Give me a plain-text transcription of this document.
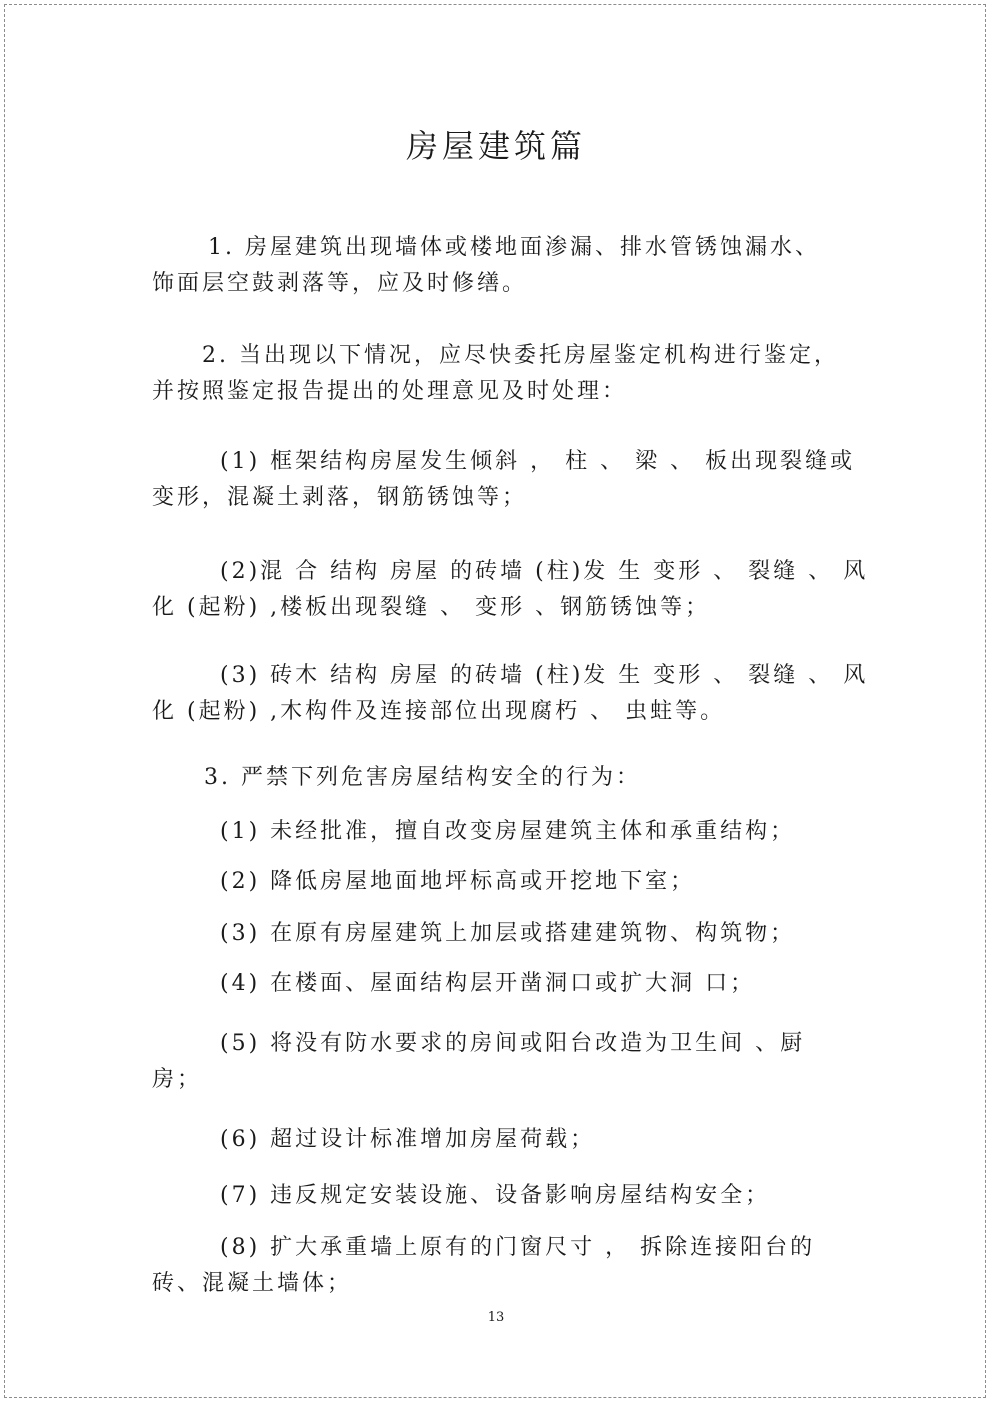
房屋建筑篇
1. 房屋建筑出现墙体或楼地面渗漏、排水管锈蚀漏水、
饰面层空鼓剥落等，应及时修缮。
2. 当出现以下情况，应尽快委托房屋鉴定机构进行鉴定，
并按照鉴定报告提出的处理意见及时处理：
(1) 框架结构房屋发生倾斜 ， 柱 、 梁 、 板出现裂缝或
变形，混凝土剥落，钢筋锈蚀等；
(2)混 合 结构 房屋 的砖墙 (柱)发 生 变形 、 裂缝 、 风
化 (起粉) ,楼板出现裂缝 、 变形 、钢筋锈蚀等；
(3) 砖木 结构 房屋 的砖墙 (柱)发 生 变形 、 裂缝 、 风
化 (起粉) ,木构件及连接部位出现腐朽 、 虫蛀等。
3. 严禁下列危害房屋结构安全的行为：
(1) 未经批准，擅自改变房屋建筑主体和承重结构；
(2) 降低房屋地面地坪标高或开挖地下室；
(3) 在原有房屋建筑上加层或搭建建筑物、构筑物；
(4) 在楼面、屋面结构层开凿洞口或扩大洞 口；
(5) 将没有防水要求的房间或阳台改造为卫生间 、厨
房；
(6) 超过设计标准增加房屋荷载；
(7) 违反规定安装设施、设备影响房屋结构安全；
(8) 扩大承重墙上原有的门窗尺寸 ， 拆除连接阳台的
砖、混凝土墙体；
13
